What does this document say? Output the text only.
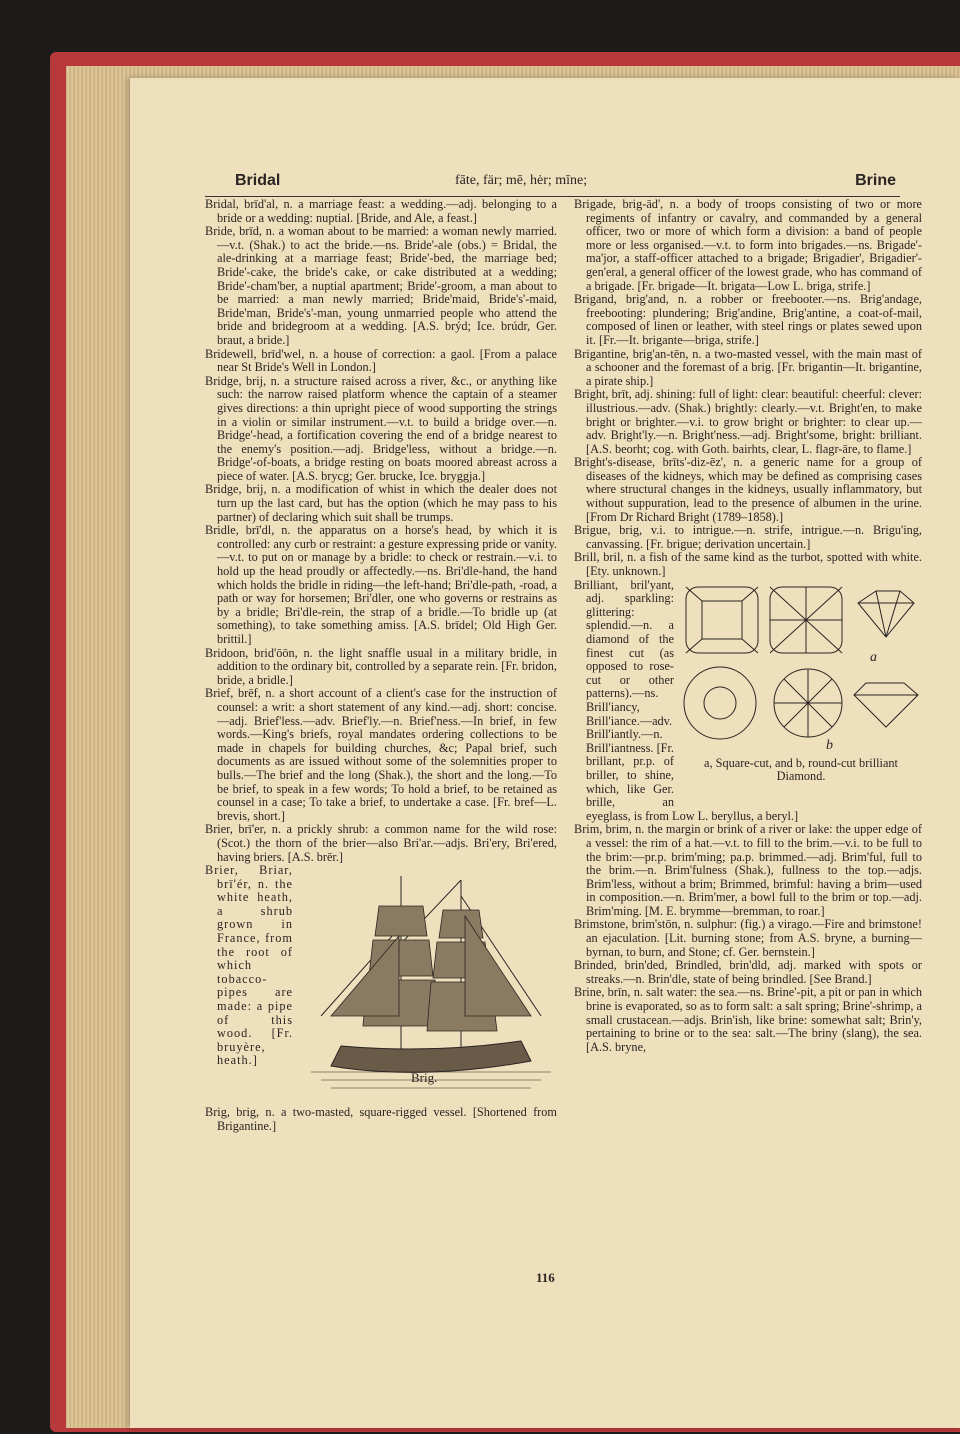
Bridal	fāte, fär; mē, hėr; mīne;	Brine

Bridal, brīd'al, n. a marriage feast: a wedding.—adj. belonging to a bride or a wedding: nuptial. [Bride, and Ale, a feast.]

Bride, brīd, n. a woman about to be married: a woman newly married.—v.t. (Shak.) to act the bride.—ns. Bride'-ale (obs.) = Bridal, the ale-drinking at a marriage feast; Bride'-bed, the marriage bed; Bride'-cake, the bride's cake, or cake distributed at a wedding; Bride'-cham'ber, a nuptial apartment; Bride'-groom, a man about to be married: a man newly married; Bride'maid, Bride's'-maid, Bride'man, Bride's'-man, young unmarried people who attend the bride and bridegroom at a wedding. [A.S. brýd; Ice. brúdr, Ger. braut, a bride.]

Bridewell, brīd'wel, n. a house of correction: a gaol. [From a palace near St Bride's Well in London.]

Bridge, brij, n. a structure raised across a river, &c., or anything like such: the narrow raised platform whence the captain of a steamer gives directions: a thin upright piece of wood supporting the strings in a violin or similar instrument.—v.t. to build a bridge over.—n. Bridge'-head, a fortification covering the end of a bridge nearest to the enemy's position.—adj. Bridge'less, without a bridge.—n. Bridge'-of-boats, a bridge resting on boats moored abreast across a piece of water. [A.S. brycg; Ger. brucke, Ice. bryggja.]

Bridge, brij, n. a modification of whist in which the dealer does not turn up the last card, but has the option (which he may pass to his partner) of declaring which suit shall be trumps.

Bridle, brī'dl, n. the apparatus on a horse's head, by which it is controlled: any curb or restraint: a gesture expressing pride or vanity.—v.t. to put on or manage by a bridle: to check or restrain.—v.i. to hold up the head proudly or affectedly.—ns. Bri'dle-hand, the hand which holds the bridle in riding—the left-hand; Bri'dle-path, -road, a path or way for horsemen; Bri'dler, one who governs or restrains as by a bridle; Bri'dle-rein, the strap of a bridle.—To bridle up (at something), to take something amiss. [A.S. brīdel; Old High Ger. brittil.]

Bridoon, brid'ōōn, n. the light snaffle usual in a military bridle, in addition to the ordinary bit, controlled by a separate rein. [Fr. bridon, bride, a bridle.]

Brief, brēf, n. a short account of a client's case for the instruction of counsel: a writ: a short statement of any kind.—adj. short: concise.—adj. Brief'less.—adv. Brief'ly.—n. Brief'ness.—In brief, in few words.—King's briefs, royal mandates ordering collections to be made in chapels for building churches, &c; Papal brief, such documents as are issued without some of the solemnities proper to bulls.—The brief and the long (Shak.), the short and the long.—To be brief, to speak in a few words; To hold a brief, to be retained as counsel in a case; To take a brief, to undertake a case. [Fr. bref—L. brevis, short.]

Brier, brī'er, n. a prickly shrub: a common name for the wild rose: (Scot.) the thorn of the brier—also Bri'ar.—adjs. Bri'ery, Bri'ered, having briers. [A.S. brēr.]

Brig.

Brier, Briar, brī'ér, n. the white heath, a shrub grown in France, from the root of which tobacco-pipes are made: a pipe of this wood. [Fr. bruyère, heath.]

Brig, brig, n. a two-masted, square-rigged vessel. [Shortened from Brigantine.]

Brigade, brig-ād', n. a body of troops consisting of two or more regiments of infantry or cavalry, and commanded by a general officer, two or more of which form a division: a band of people more or less organised.—v.t. to form into brigades.—ns. Brigade'-ma'jor, a staff-officer attached to a brigade; Brigadier', Brigadier'-gen'eral, a general officer of the lowest grade, who has command of a brigade. [Fr. brigade—It. brigata—Low L. briga, strife.]

Brigand, brig'and, n. a robber or freebooter.—ns. Brig'andage, freebooting: plundering; Brig'andine, Brig'antine, a coat-of-mail, composed of linen or leather, with steel rings or plates sewed upon it. [Fr.—It. brigante—briga, strife.]

Brigantine, brig'an-tēn, n. a two-masted vessel, with the main mast of a schooner and the foremast of a brig. [Fr. brigantin—It. brigantine, a pirate ship.]

Bright, brīt, adj. shining: full of light: clear: beautiful: cheerful: clever: illustrious.—adv. (Shak.) brightly: clearly.—v.t. Bright'en, to make bright or brighter.—v.i. to grow bright or brighter: to clear up.—adv. Bright'ly.—n. Bright'ness.—adj. Bright'some, bright: brilliant. [A.S. beorht; cog. with Goth. bairhts, clear, L. flagr-āre, to flame.]

Bright's-disease, brīts'-diz-ēz', n. a generic name for a group of diseases of the kidneys, which may be defined as comprising cases where structural changes in the kidneys, usually inflammatory, but without suppuration, lead to the presence of albumen in the urine. [From Dr Richard Bright (1789–1858).]

Brigue, brig, v.i. to intrigue.—n. strife, intrigue.—n. Brigu'ing, canvassing. [Fr. brigue; derivation uncertain.]

Brill, bril, n. a fish of the same kind as the turbot, spotted with white. [Ety. unknown.]

a
b
a, Square-cut, and b, round-cut brilliant Diamond.

Brilliant, bril'yant, adj. sparkling: glittering: splendid.—n. a diamond of the finest cut (as opposed to rose-cut or other patterns).—ns. Brill'iancy, Brill'iance.—adv. Brill'iantly.—n. Brill'iantness. [Fr. brillant, pr.p. of briller, to shine, which, like Ger. brille, an eyeglass, is from Low L. beryllus, a beryl.]

Brim, brim, n. the margin or brink of a river or lake: the upper edge of a vessel: the rim of a hat.—v.t. to fill to the brim.—v.i. to be full to the brim:—pr.p. brim'ming; pa.p. brimmed.—adj. Brim'ful, full to the brim.—n. Brim'fulness (Shak.), fullness to the top.—adjs. Brim'less, without a brim; Brimmed, brimful: having a brim—used in composition.—n. Brim'mer, a bowl full to the brim or top.—adj. Brim'ming. [M. E. brymme—bremman, to roar.]

Brimstone, brim'stōn, n. sulphur: (fig.) a virago.—Fire and brimstone! an ejaculation. [Lit. burning stone; from A.S. bryne, a burning—byrnan, to burn, and Stone; cf. Ger. bernstein.]

Brinded, brin'ded, Brindled, brin'dld, adj. marked with spots or streaks.—n. Brin'dle, state of being brindled. [See Brand.]

Brine, brīn, n. salt water: the sea.—ns. Brine'-pit, a pit or pan in which brine is evaporated, so as to form salt: a salt spring; Brine'-shrimp, a small crustacean.—adjs. Brin'ish, like brine: somewhat salt; Brin'y, pertaining to brine or to the sea: salt.—The briny (slang), the sea. [A.S. bryne,

116
